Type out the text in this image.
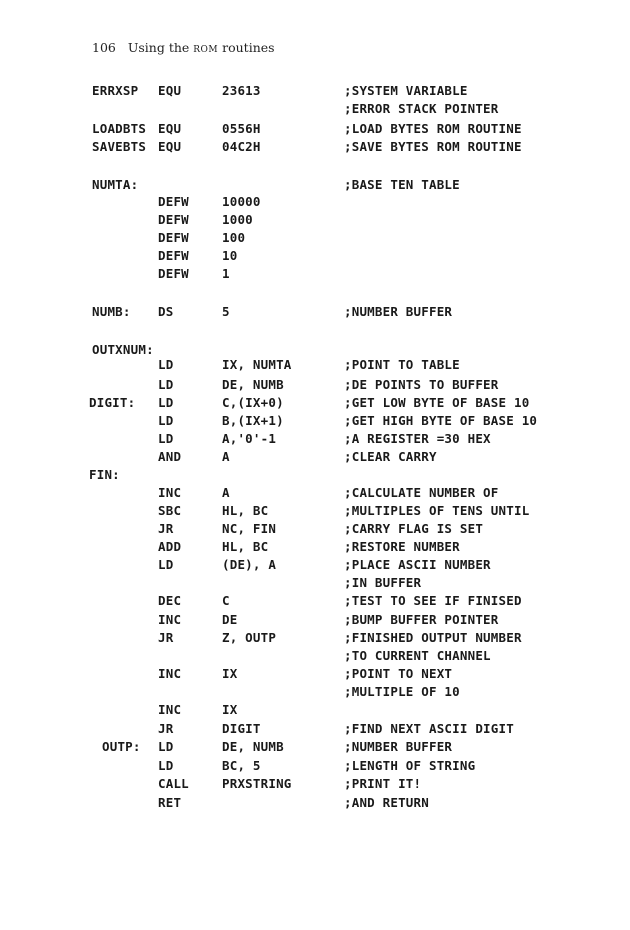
106 Using the ROM routines
ERRXSP EQU	23613	;SYSTEM VARIABLE
;ERROR STACK POINTER
LOADBTS EQU	0556H	;LOAD BYTES ROM ROUTINE
SAVEBTS EQU	04C2H	;SAVE BYTES ROM ROUTINE
NUMTA:	;BASE TEN TABLE
DEFW	10000
DEFW	1000
DEFW	100
DEFW	10
DEFW	1
NUMB: DS	5	;NUMBER BUFFER
OUTXNUM:
LD	IX, NUMTA	;POINT TO TABLE
LD	DE, NUMB	;DE POINTS TO BUFFER
DIGIT: LD	C,(IX+0)	;GET LOW BYTE OF BASE 10
LD	B,(IX+1)	;GET HIGH BYTE OF BASE 10
LD	A,'0'-1	;A REGISTER =30 HEX
AND	A	;CLEAR CARRY
FIN:
INC	A	;CALCULATE NUMBER OF
SBC	HL, BC	;MULTIPLES OF TENS UNTIL
JR	NC, FIN	;CARRY FLAG IS SET
ADD	HL, BC	;RESTORE NUMBER
LD	(DE), A	;PLACE ASCII NUMBER
;IN BUFFER
DEC	C	;TEST TO SEE IF FINISED
INC	DE	;BUMP BUFFER POINTER
JR	Z, OUTP	;FINISHED OUTPUT NUMBER
;TO CURRENT CHANNEL
INC	IX	;POINT TO NEXT
;MULTIPLE OF 10
INC	IX
JR	DIGIT	;FIND NEXT ASCII DIGIT
OUTP: LD	DE, NUMB	;NUMBER BUFFER
LD	BC, 5	;LENGTH OF STRING
CALL	PRXSTRING	;PRINT IT!
RET	;AND RETURN
